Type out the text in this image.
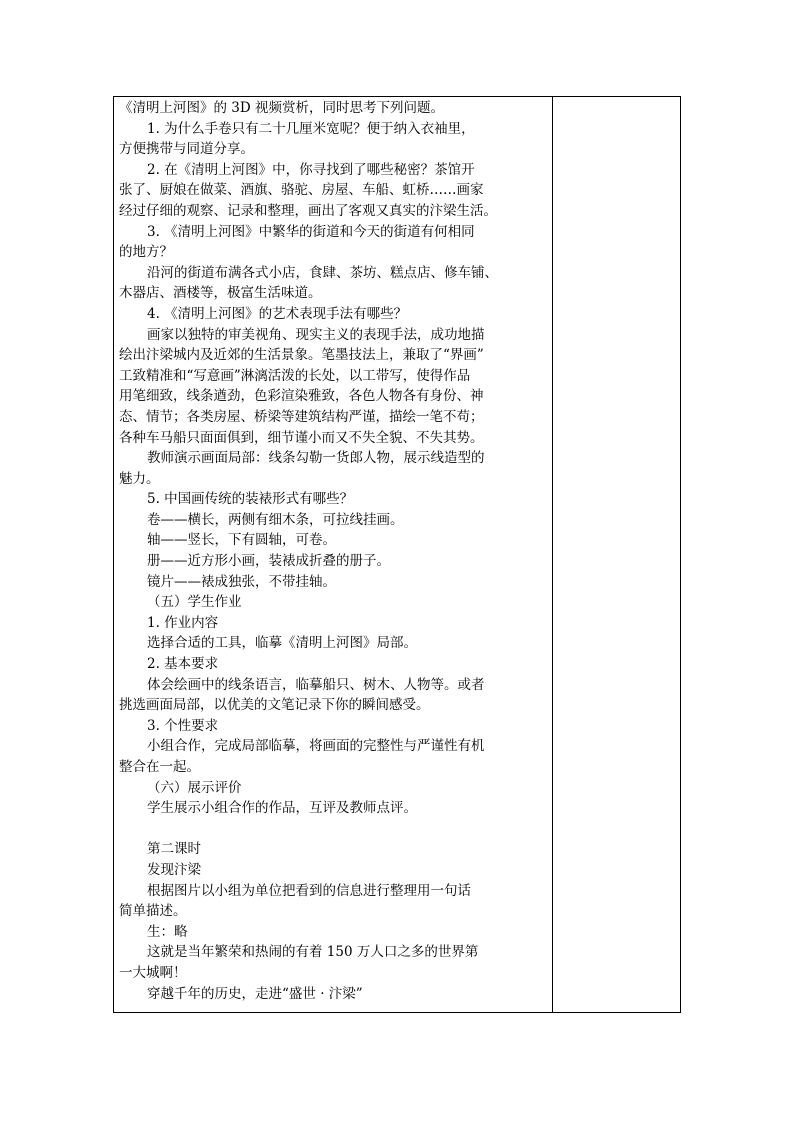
《清明上河图》的 3D 视频赏析，同时思考下列问题。
1. 为什么手卷只有二十几厘米宽呢？便于纳入衣袖里，
方便携带与同道分享。
2. 在《清明上河图》中，你寻找到了哪些秘密？茶馆开
张了、厨娘在做菜、酒旗、骆驼、房屋、车船、虹桥……画家
经过仔细的观察、记录和整理，画出了客观又真实的汴梁生活。
3. 《清明上河图》中繁华的街道和今天的街道有何相同
的地方？
沿河的街道布满各式小店，食肆、茶坊、糕点店、修车铺、
木器店、酒楼等，极富生活味道。
4. 《清明上河图》的艺术表现手法有哪些？
画家以独特的审美视角、现实主义的表现手法，成功地描
绘出汴梁城内及近郊的生活景象。笔墨技法上，兼取了“界画”
工致精准和“写意画”淋漓活泼的长处，以工带写，使得作品
用笔细致，线条遒劲，色彩渲染雅致，各色人物各有身份、神
态、情节；各类房屋、桥梁等建筑结构严谨，描绘一笔不苟；
各种车马船只面面俱到，细节谨小而又不失全貌、不失其势。
教师演示画面局部：线条勾勒一货郎人物，展示线造型的
魅力。
5. 中国画传统的装裱形式有哪些？
卷——横长，两侧有细木条，可拉线挂画。
轴——竖长，下有圆轴，可卷。
册——近方形小画，装裱成折叠的册子。
镜片——裱成独张，不带挂轴。
（五）学生作业
1. 作业内容
选择合适的工具，临摹《清明上河图》局部。
2. 基本要求
体会绘画中的线条语言，临摹船只、树木、人物等。或者
挑选画面局部，以优美的文笔记录下你的瞬间感受。
3. 个性要求
小组合作，完成局部临摹，将画面的完整性与严谨性有机
整合在一起。
（六）展示评价
学生展示小组合作的作品，互评及教师点评。
第二课时
发现汴梁
根据图片以小组为单位把看到的信息进行整理用一句话
简单描述。
生：略
这就是当年繁荣和热闹的有着 150 万人口之多的世界第
一大城啊！
穿越千年的历史，走进“盛世 · 汴梁”
